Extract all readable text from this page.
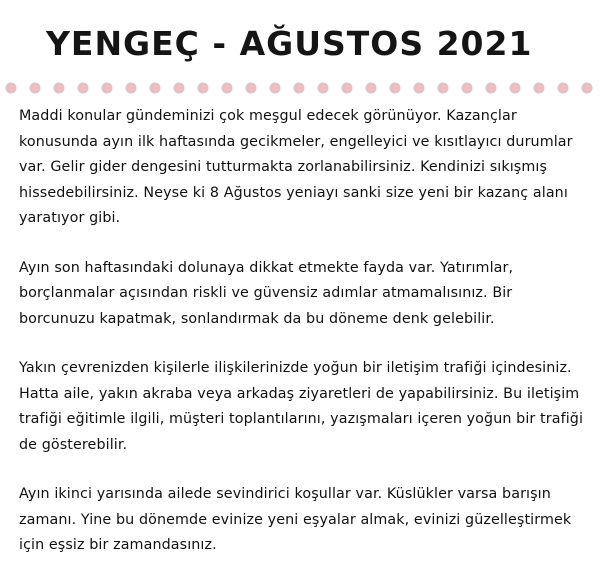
YENGEÇ - AĞUSTOS 2021

Maddi konular gündeminizi çok meşgul edecek görünüyor. Kazançlar konusunda ayın ilk haftasında gecikmeler, engelleyici ve kısıtlayıcı durumlar var. Gelir gider dengesini tutturmakta zorlanabilirsiniz. Kendinizi sıkışmış hissedebilirsiniz. Neyse ki 8 Ağustos yeniayı sanki size yeni bir kazanç alanı yaratıyor gibi.

Ayın son haftasındaki dolunaya dikkat etmekte fayda var. Yatırımlar, borçlanmalar açısından riskli ve güvensiz adımlar atmamalısınız. Bir borcunuzu kapatmak, sonlandırmak da bu döneme denk gelebilir.

Yakın çevrenizden kişilerle ilişkilerinizde yoğun bir iletişim trafiği içindesiniz. Hatta aile, yakın akraba veya arkadaş ziyaretleri de yapabilirsiniz. Bu iletişim trafiği eğitimle ilgili, müşteri toplantılarını, yazışmaları içeren yoğun bir trafiği de gösterebilir.

Ayın ikinci yarısında ailede sevindirici koşullar var. Küslükler varsa barışın zamanı. Yine bu dönemde evinize yeni eşyalar almak, evinizi güzelleştirmek için eşsiz bir zamandasınız.
